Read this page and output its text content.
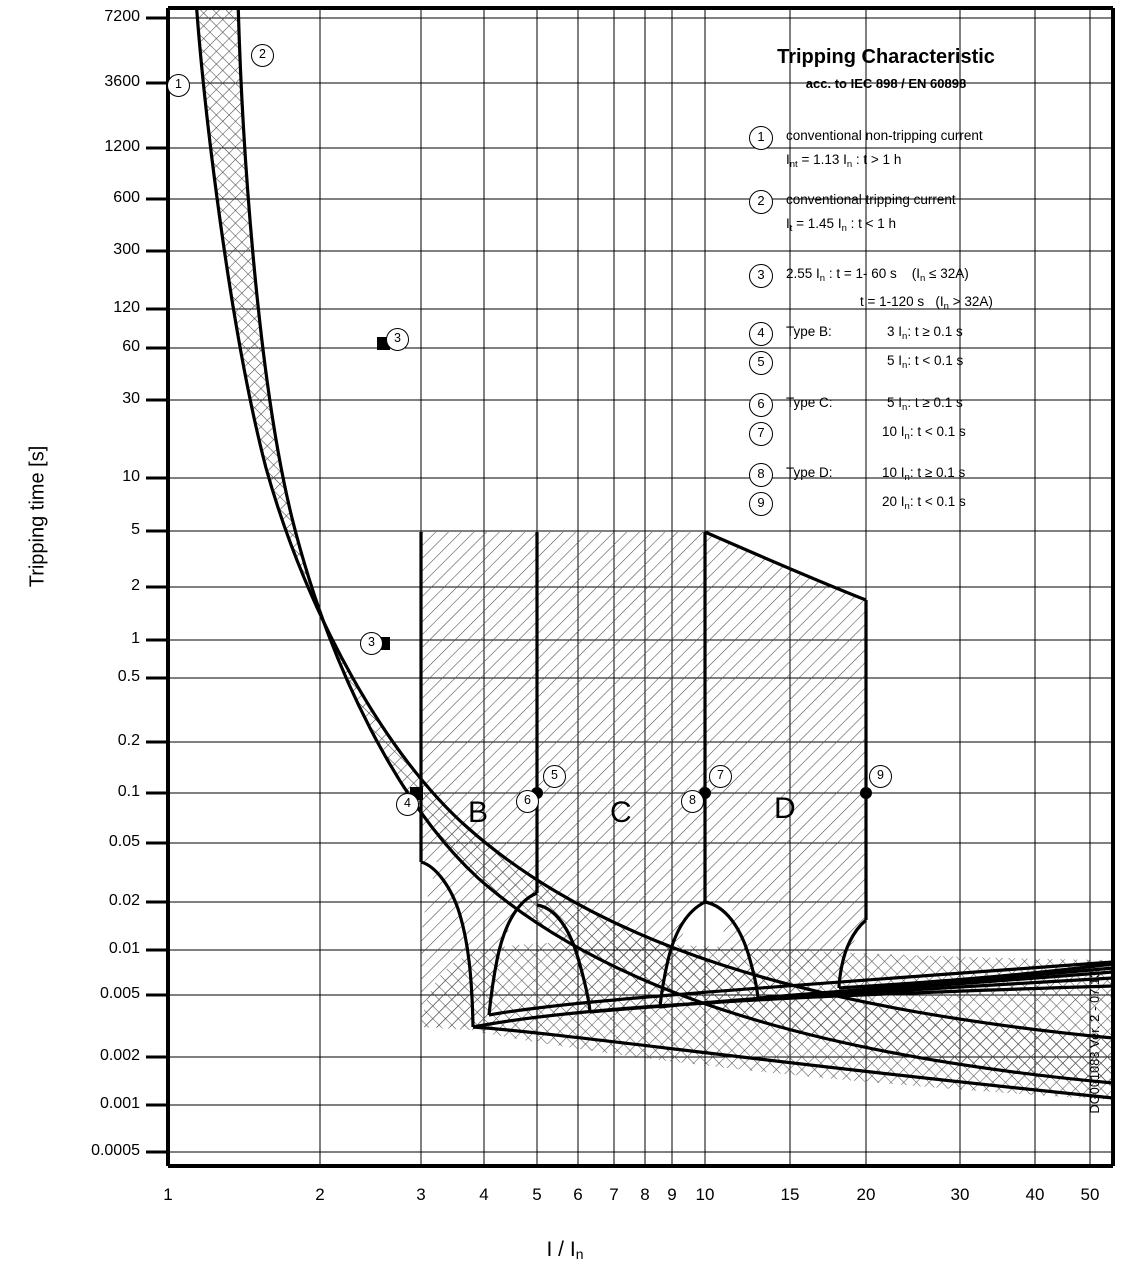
7200
3600
1200
600
300
120
60
30
10
5
2
1
0.5
0.2
0.1
0.05
0.02
0.01
0.005
0.002
0.001
0.0005
1	2	3	4	5	6	7	8	9	10	15	20	30	40	50
Tripping time [s]
I / $I_n$
Tripping Characteristic
acc. to IEC 898 / EN 60898
1	conventional non-tripping current
$I_{nt} = 1.13$ $I_n$ : t > 1 h
2	conventional tripping current
$I_t = 1.45$ $I_n$ : t < 1 h
3	2.55 $I_n$ : t = 1- 60 s    $(I_n \le 32A)$
t = 1-120 s   $(I_n > 32A)$
4	Type B:	3 $I_n$: t ≥ 0.1 s
5	5 $I_n$: t < 0.1 s
6	Type C:	5 $I_n$: t ≥ 0.1 s
7	10 $I_n$: t < 0.1 s
8	Type D:	10 $I_n$: t ≥ 0.1 s
9	20 $I_n$: t < 0.1 s
1
2
3
3
4
5
6
7
8
9
B	C	D
DG001083 Ver. 2 - 07/13
